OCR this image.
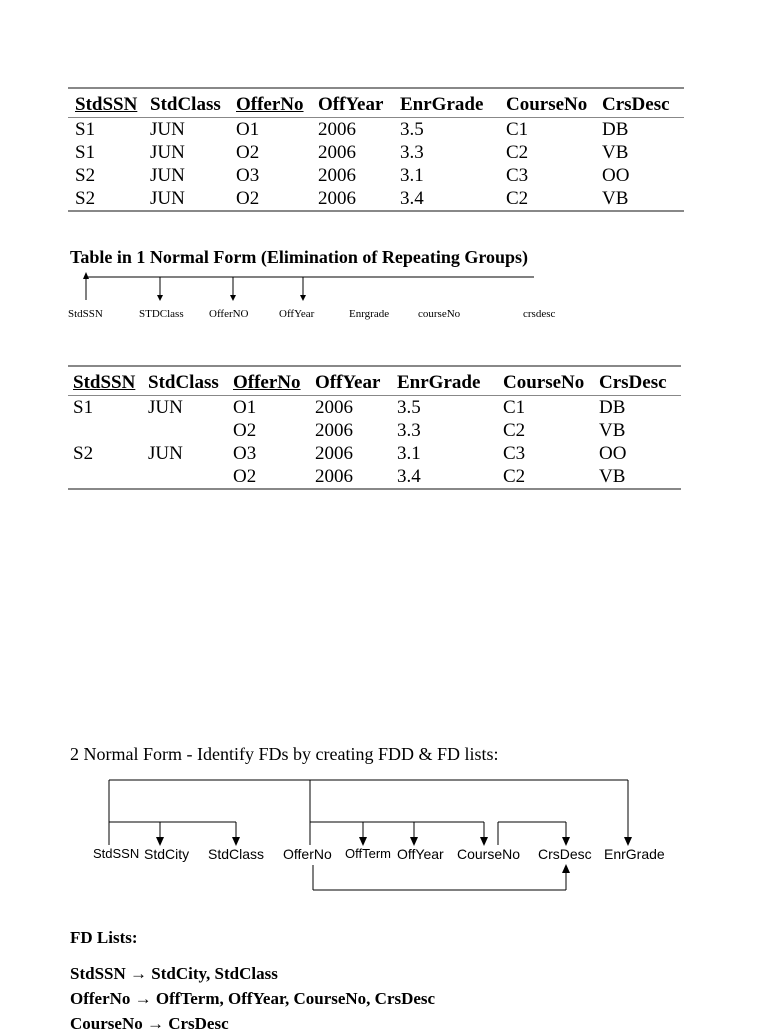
StdSSN	StdClass	OfferNo	OffYear	EnrGrade	CourseNo	CrsDesc
S1	JUN	O1	2006	3.5	C1	DB
S1	JUN	O2	2006	3.3	C2	VB
S2	JUN	O3	2006	3.1	C3	OO
S2	JUN	O2	2006	3.4	C2	VB
Table in 1 Normal Form (Elimination of Repeating Groups)
StdSSN	STDClass OfferNO	OffYear	Enrgrade	courseNo	crsdesc
StdSSN	StdClass	OfferNo	OffYear	EnrGrade	CourseNo	CrsDesc
S1	JUN	O1	2006	3.5	C1	DB
		O2	2006	3.3	C2	VB
S2	JUN	O3	2006	3.1	C3	OO
		O2	2006	3.4	C2	VB
2 Normal Form - Identify FDs by creating FDD & FD lists:
StdSSN StdCity StdClass OfferNo OffTerm OffYear CourseNo CrsDesc EnrGrade
FD Lists:
StdSSN → StdCity, StdClass
OfferNo → OffTerm, OffYear, CourseNo, CrsDesc
CourseNo → CrsDesc
